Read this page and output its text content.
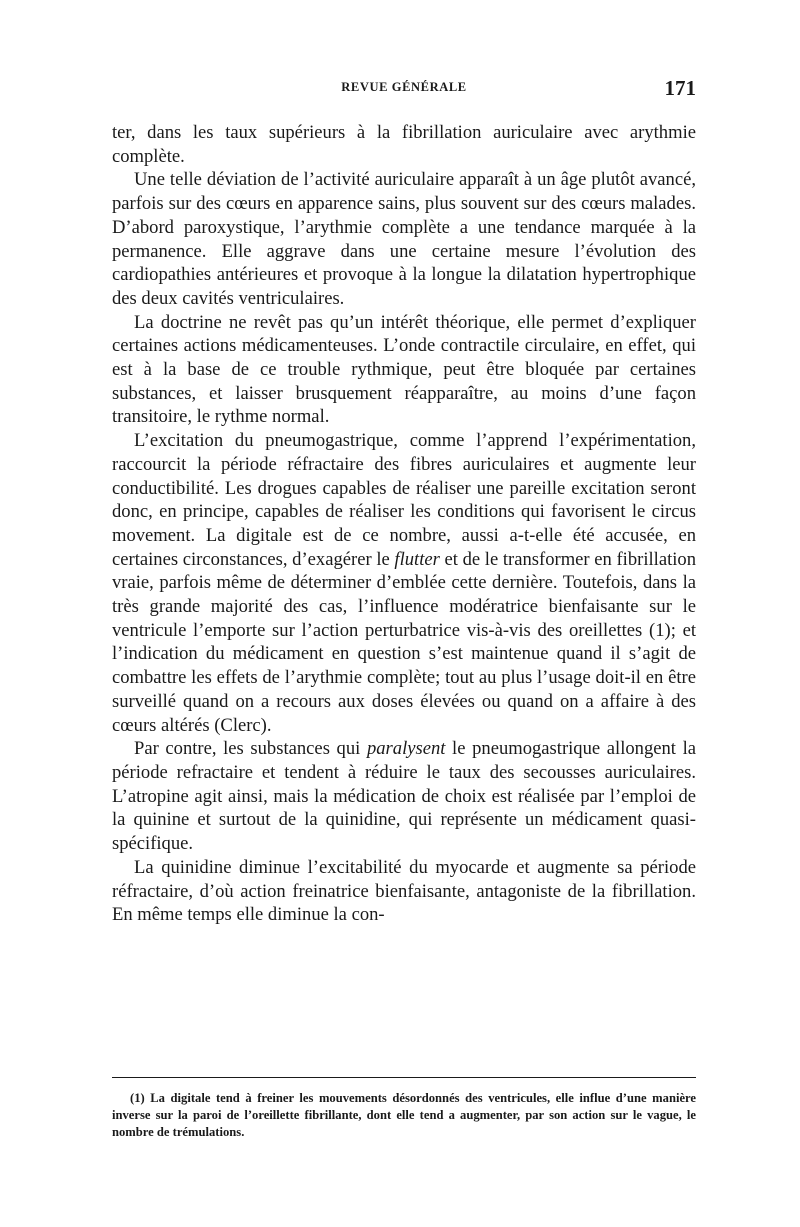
REVUE GÉNÉRALE	171

ter, dans les taux supérieurs à la fibrillation auriculaire avec arythmie complète.

Une telle déviation de l’activité auriculaire apparaît à un âge plutôt avancé, parfois sur des cœurs en apparence sains, plus souvent sur des cœurs malades. D’abord paroxystique, l’arythmie complète a une tendance marquée à la permanence. Elle aggrave dans une certaine mesure l’évolution des cardiopathies antérieures et provoque à la longue la dilatation hypertrophique des deux cavités ventriculaires.

La doctrine ne revêt pas qu’un intérêt théorique, elle permet d’expliquer certaines actions médicamenteuses. L’onde contractile circulaire, en effet, qui est à la base de ce trouble rythmique, peut être bloquée par certaines substances, et laisser brusquement réapparaître, au moins d’une façon transitoire, le rythme normal.

L’excitation du pneumogastrique, comme l’apprend l’expérimentation, raccourcit la période réfractaire des fibres auriculaires et augmente leur conductibilité. Les drogues capables de réaliser une pareille excitation seront donc, en principe, capables de réaliser les conditions qui favorisent le circus movement. La digitale est de ce nombre, aussi a-t-elle été accusée, en certaines circonstances, d’exagérer le flutter et de le transformer en fibrillation vraie, parfois même de déterminer d’emblée cette dernière. Toutefois, dans la très grande majorité des cas, l’influence modératrice bienfaisante sur le ventricule l’emporte sur l’action perturbatrice vis-à-vis des oreillettes (1); et l’indication du médicament en question s’est maintenue quand il s’agit de combattre les effets de l’arythmie complète; tout au plus l’usage doit-il en être surveillé quand on a recours aux doses élevées ou quand on a affaire à des cœurs altérés (Clerc).

Par contre, les substances qui paralysent le pneumogastrique allongent la période refractaire et tendent à réduire le taux des secousses auriculaires. L’atropine agit ainsi, mais la médication de choix est réalisée par l’emploi de la quinine et surtout de la quinidine, qui représente un médicament quasi-spécifique.

La quinidine diminue l’excitabilité du myocarde et augmente sa période réfractaire, d’où action freinatrice bienfaisante, antagoniste de la fibrillation. En même temps elle diminue la con-

(1) La digitale tend à freiner les mouvements désordonnés des ventricules, elle influe d’une manière inverse sur la paroi de l’oreillette fibrillante, dont elle tend a augmenter, par son action sur le vague, le nombre de trémulations.
